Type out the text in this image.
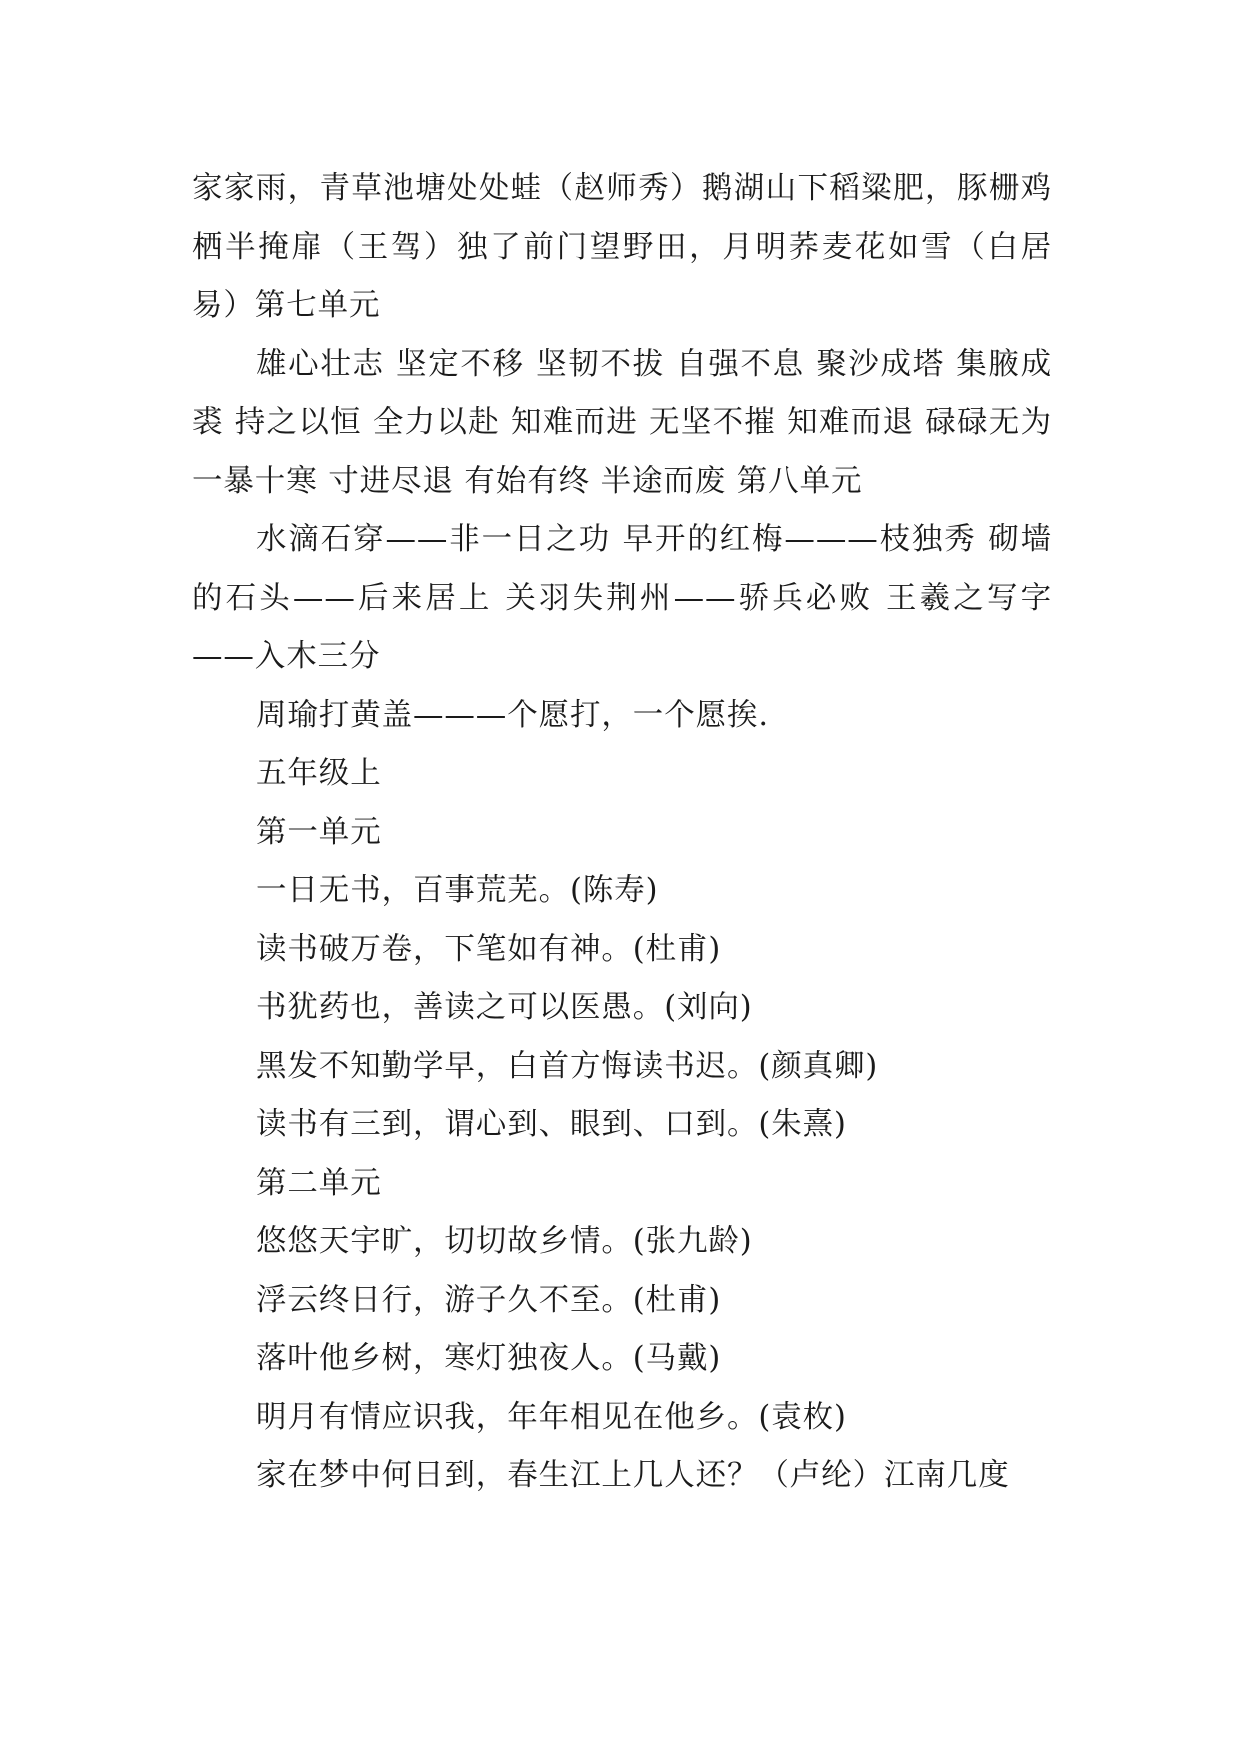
家家雨，青草池塘处处蛙（赵师秀）鹅湖山下稻粱肥，豚栅鸡栖半掩扉（王驾）独了前门望野田，月明荞麦花如雪（白居易）第七单元

雄心壮志 坚定不移 坚韧不拔 自强不息 聚沙成塔 集腋成裘 持之以恒 全力以赴 知难而进 无坚不摧 知难而退 碌碌无为 一暴十寒 寸进尽退 有始有终 半途而废 第八单元

水滴石穿——非一日之功 早开的红梅———枝独秀 砌墙的石头——后来居上 关羽失荆州——骄兵必败 王羲之写字——入木三分

周瑜打黄盖———个愿打，一个愿挨.

五年级上

第一单元

一日无书，百事荒芜。(陈寿)

读书破万卷，下笔如有神。(杜甫)

书犹药也，善读之可以医愚。(刘向)

黑发不知勤学早，白首方悔读书迟。(颜真卿)

读书有三到，谓心到、眼到、口到。(朱熹)

第二单元

悠悠天宇旷，切切故乡情。(张九龄)

浮云终日行，游子久不至。(杜甫)

落叶他乡树，寒灯独夜人。(马戴)

明月有情应识我，年年相见在他乡。(袁枚)

家在梦中何日到，春生江上几人还？（卢纶）江南几度
